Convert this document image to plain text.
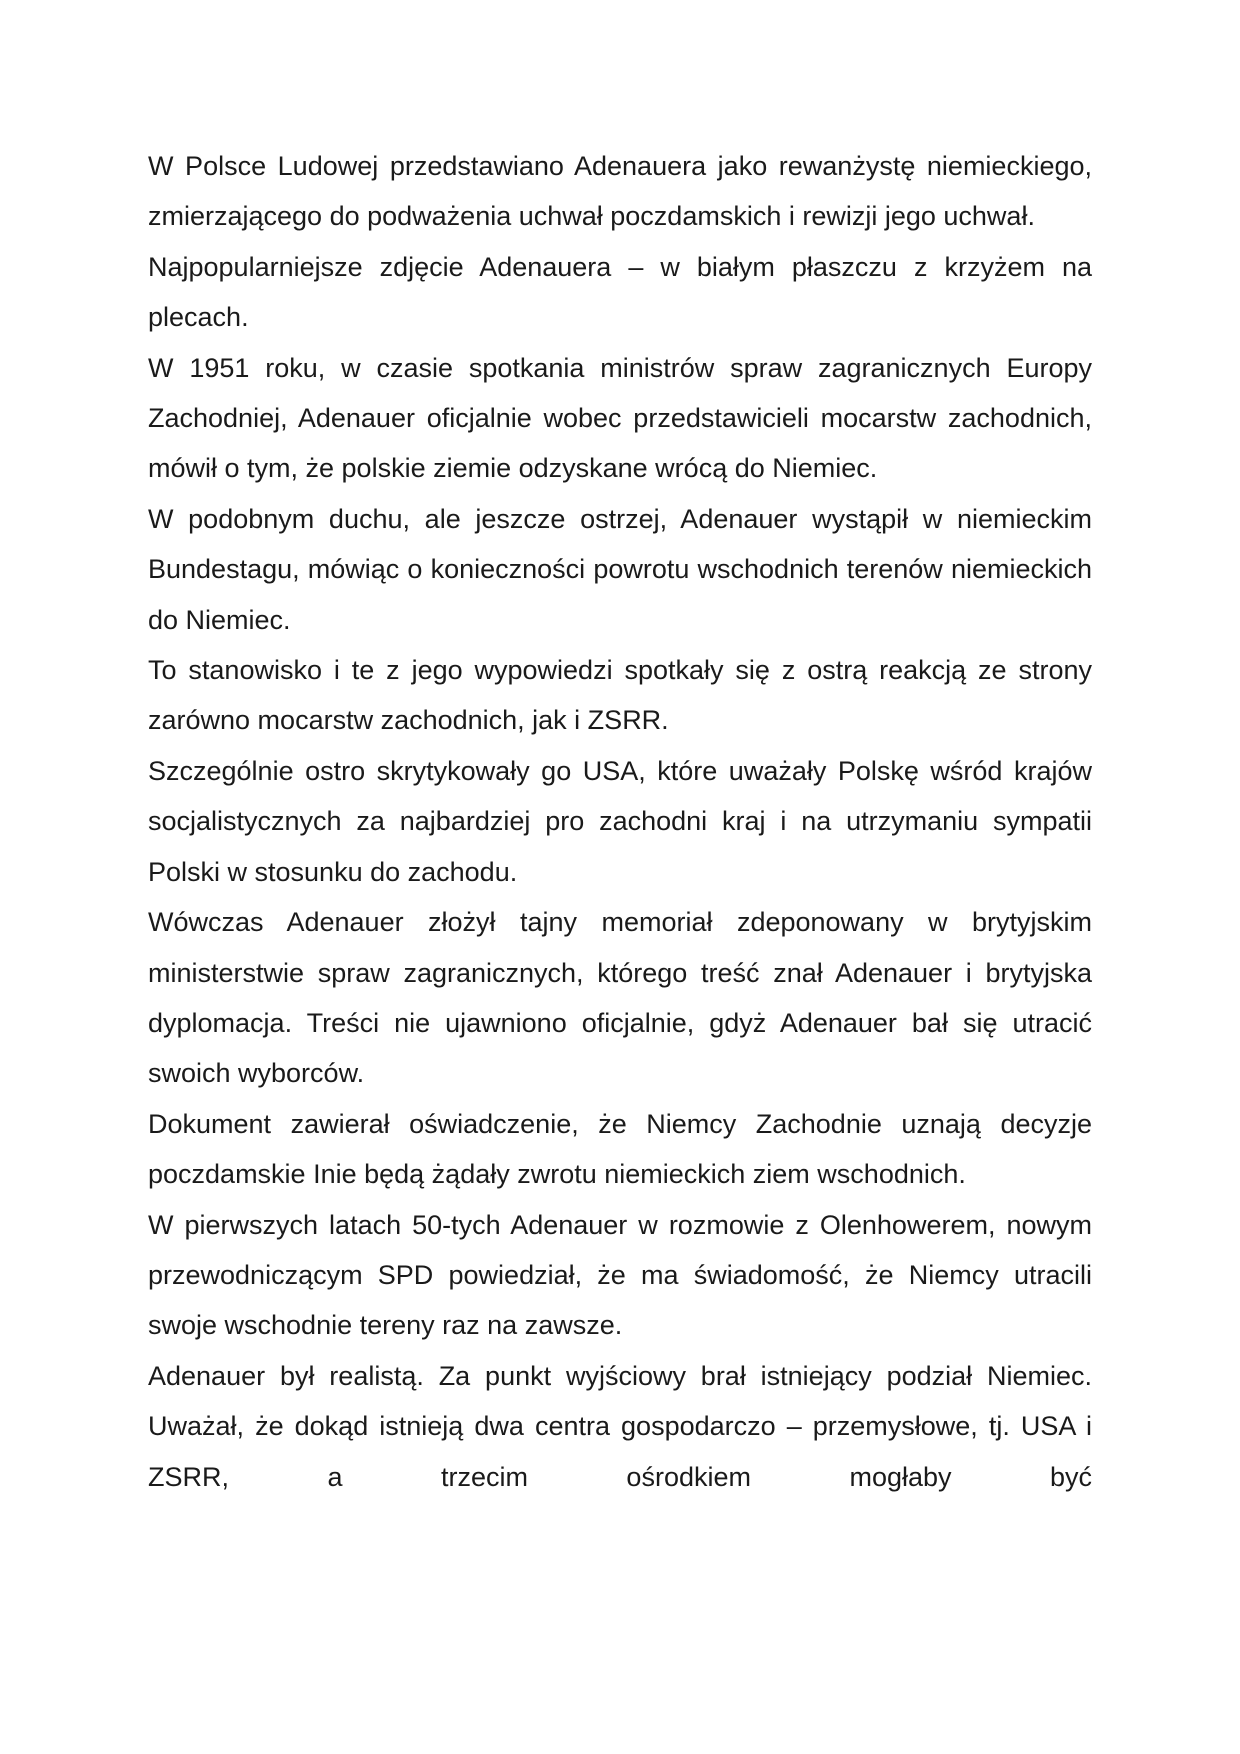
W Polsce Ludowej przedstawiano Adenauera jako rewanżystę niemieckiego, zmierzającego do podważenia uchwał poczdamskich i rewizji jego uchwał.

Najpopularniejsze zdjęcie Adenauera – w białym płaszczu z krzyżem na plecach.

W 1951 roku, w czasie spotkania ministrów spraw zagranicznych Europy Zachodniej, Adenauer oficjalnie wobec przedstawicieli mocarstw zachodnich, mówił o tym, że polskie ziemie odzyskane wrócą do Niemiec.

W podobnym duchu, ale jeszcze ostrzej, Adenauer wystąpił w niemieckim Bundestagu, mówiąc o konieczności powrotu wschodnich terenów niemieckich do Niemiec.

To stanowisko i te z jego wypowiedzi spotkały się z ostrą reakcją ze strony zarówno mocarstw zachodnich, jak i ZSRR.

Szczególnie ostro skrytykowały go USA, które uważały Polskę wśród krajów socjalistycznych za najbardziej pro zachodni kraj i na utrzymaniu sympatii Polski w stosunku do zachodu.

Wówczas Adenauer złożył tajny memoriał zdeponowany w brytyjskim ministerstwie spraw zagranicznych, którego treść znał Adenauer i brytyjska dyplomacja. Treści nie ujawniono oficjalnie, gdyż Adenauer bał się utracić swoich wyborców.

Dokument zawierał oświadczenie, że Niemcy Zachodnie uznają decyzje poczdamskie Inie będą żądały zwrotu niemieckich ziem wschodnich.

W pierwszych latach 50-tych Adenauer w rozmowie z Olenhowerem, nowym przewodniczącym SPD powiedział, że ma świadomość, że Niemcy utracili swoje wschodnie tereny raz na zawsze.

Adenauer był realistą. Za punkt wyjściowy brał istniejący podział Niemiec. Uważał, że dokąd istnieją dwa centra gospodarczo – przemysłowe, tj. USA i ZSRR, a trzecim ośrodkiem mogłaby być
